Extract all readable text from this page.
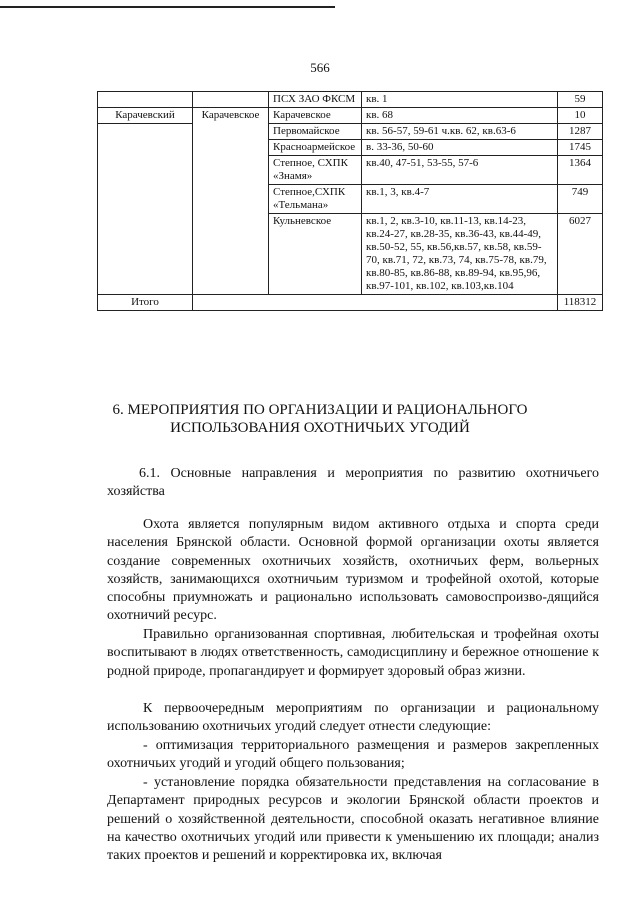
566
		ПСХ ЗАО ФКСМ	кв. 1	59
Карачевский	Карачевское	Карачевское	кв. 68	10
		Первомайское	кв. 56-57, 59-61 ч.кв. 62, кв.63-6	1287
		Красноармейское	в. 33-36, 50-60	1745
		Степное, СХПК «Знамя»	кв.40, 47-51, 53-55, 57-6	1364
		Степное,СХПК «Тельмана»	кв.1, 3, кв.4-7	749
		Кульневское	кв.1, 2, кв.3-10, кв.11-13, кв.14-23, кв.24-27, кв.28-35, кв.36-43, кв.44-49, кв.50-52, 55, кв.56,кв.57, кв.58, кв.59-70, кв.71, 72, кв.73, 74, кв.75-78, кв.79, кв.80-85, кв.86-88, кв.89-94, кв.95,96, кв.97-101, кв.102, кв.103,кв.104	6027
Итого				118312
6. МЕРОПРИЯТИЯ ПО ОРГАНИЗАЦИИ И РАЦИОНАЛЬНОГО
ИСПОЛЬЗОВАНИЯ ОХОТНИЧЬИХ УГОДИЙ
6.1. Основные направления и мероприятия по развитию охотничьего хозяйства

Охота является популярным видом активного отдыха и спорта среди населения Брянской области. Основной формой организации охоты является создание современных охотничьих хозяйств, охотничьих ферм, вольерных хозяйств, занимающихся охотничьим туризмом и трофейной охотой, которые способны приумножать и рационально использовать самовоспроизво-дящийся охотничий ресурс.

Правильно организованная спортивная, любительская и трофейная охоты воспитывают в людях ответственность, самодисциплину и бережное отношение к родной природе, пропагандирует и формирует здоровый образ жизни.

К первоочередным мероприятиям по организации и рациональному использованию охотничьих угодий следует отнести следующие:

- оптимизация территориального размещения и размеров закрепленных охотничьих угодий и угодий общего пользования;

- установление порядка обязательности представления на согласование в Департамент природных ресурсов и экологии Брянской области проектов и решений о хозяйственной деятельности, способной оказать негативное влияние на качество охотничьих угодий или привести к уменьшению их площади; анализ таких проектов и решений и корректировка их, включая
